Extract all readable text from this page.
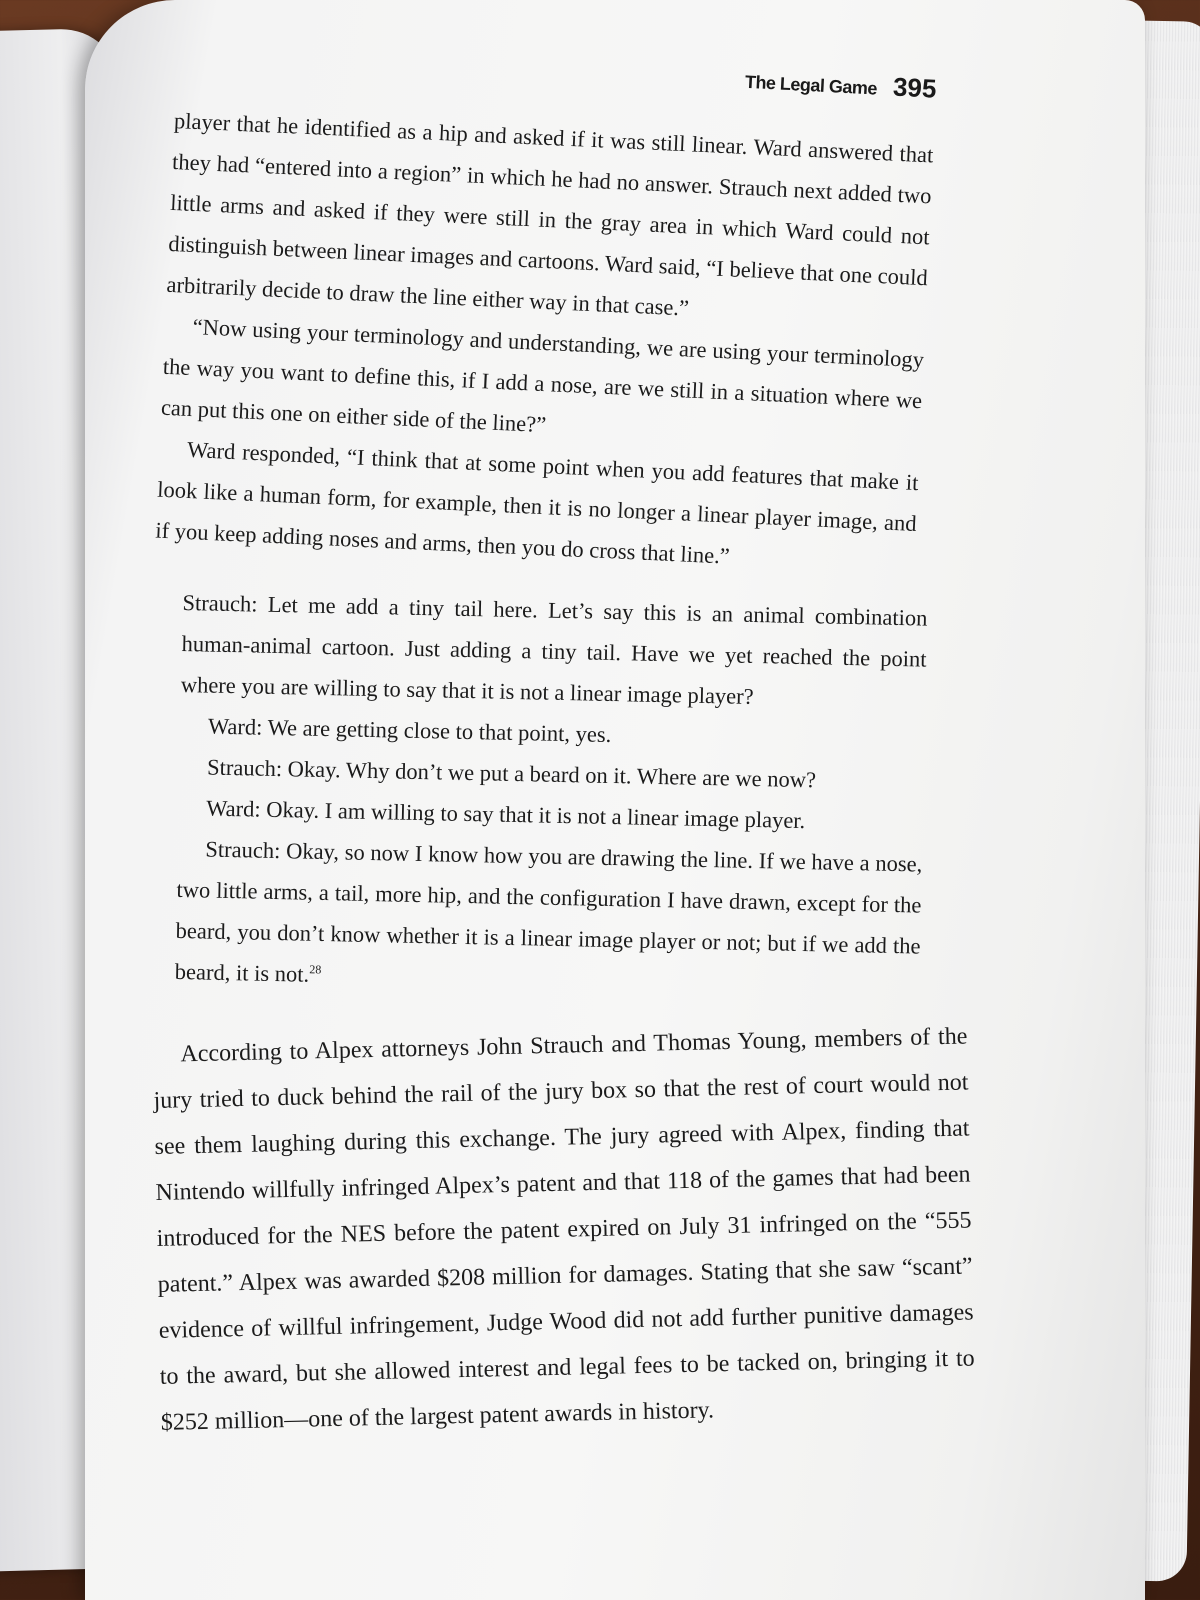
The Legal Game 395

player that he identified as a hip and asked if it was still linear. Ward answered that they had “entered into a region” in which he had no answer. Strauch next added two little arms and asked if they were still in the gray area in which Ward could not distinguish between linear images and cartoons. Ward said, “I believe that one could arbitrarily decide to draw the line either way in that case.”

“Now using your terminology and understanding, we are using your terminology the way you want to define this, if I add a nose, are we still in a situation where we can put this one on either side of the line?”

Ward responded, “I think that at some point when you add features that make it look like a human form, for example, then it is no longer a linear player image, and if you keep adding noses and arms, then you do cross that line.”

Strauch: Let me add a tiny tail here. Let’s say this is an animal combination human-animal cartoon. Just adding a tiny tail. Have we yet reached the point where you are willing to say that it is not a linear image player?

Ward: We are getting close to that point, yes.

Strauch: Okay. Why don’t we put a beard on it. Where are we now?

Ward: Okay. I am willing to say that it is not a linear image player.

Strauch: Okay, so now I know how you are drawing the line. If we have a nose, two little arms, a tail, more hip, and the configuration I have drawn, except for the beard, you don’t know whether it is a linear image player or not; but if we add the beard, it is not.$^{28}$

According to Alpex attorneys John Strauch and Thomas Young, members of the jury tried to duck behind the rail of the jury box so that the rest of court would not see them laughing during this exchange. The jury agreed with Alpex, finding that Nintendo willfully infringed Alpex’s patent and that 118 of the games that had been introduced for the NES before the patent expired on July 31 infringed on the “555 patent.” Alpex was awarded $208 million for damages. Stating that she saw “scant” evidence of willful infringement, Judge Wood did not add further punitive damages to the award, but she allowed interest and legal fees to be tacked on, bringing it to $252 million—one of the largest patent awards in history.
